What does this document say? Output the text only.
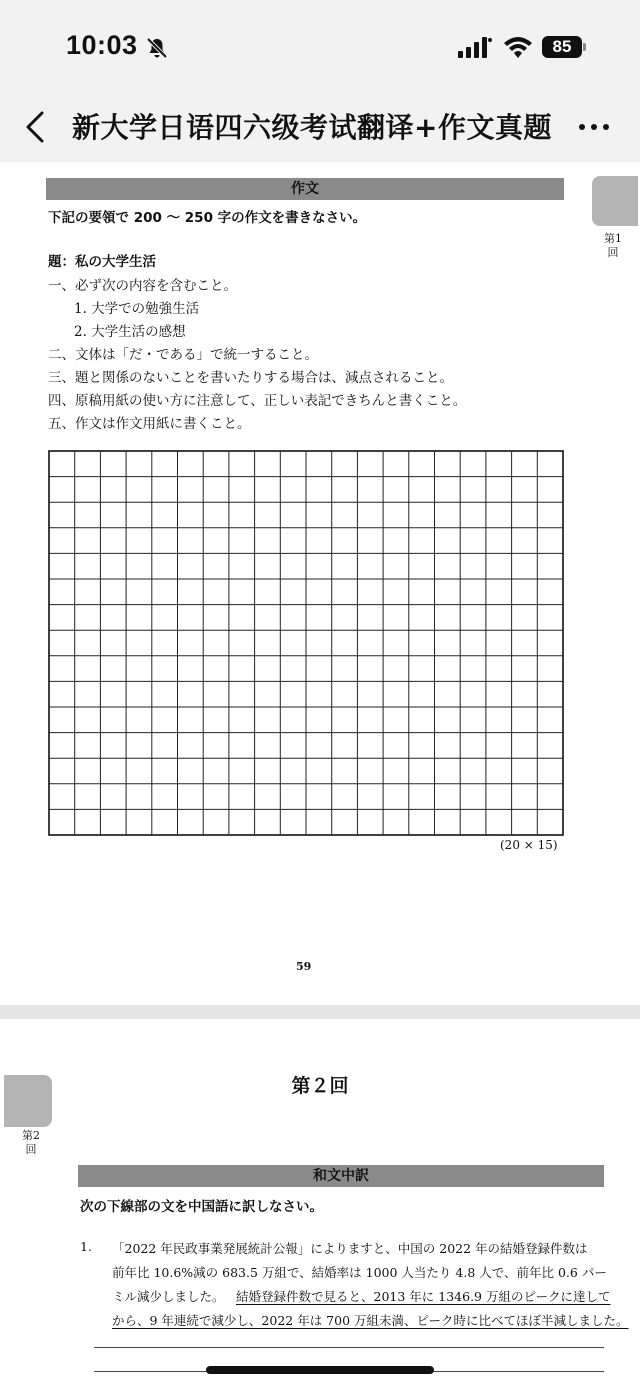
10:03	85
新大学日语四六级考试翻译+作文真题
第1回
作文
下記の要領で 200 ～ 250 字の作文を書きなさい。
題：私の大学生活
一、必ず次の内容を含むこと。
1. 大学での勉強生活
2. 大学生活の感想
二、文体は「だ・である」で統一すること。
三、題と関係のないことを書いたりする場合は、減点されること。
四、原稿用紙の使い方に注意して、正しい表記できちんと書くこと。
五、作文は作文用紙に書くこと。
(20 × 15)
59
第2回
第２回
和文中訳
次の下線部の文を中国語に訳しなさい。
1. 「2022 年民政事業発展統計公報」によりますと、中国の 2022 年の結婚登録件数は
前年比 10.6%減の 683.5 万組で、結婚率は 1000 人当たり 4.8 人で、前年比 0.6 パー
ミル減少しました。 結婚登録件数で見ると、2013 年に 1346.9 万組のピークに達して
から、9 年連続で減少し、2022 年は 700 万組未満、ピーク時に比べてほぼ半減しました。
